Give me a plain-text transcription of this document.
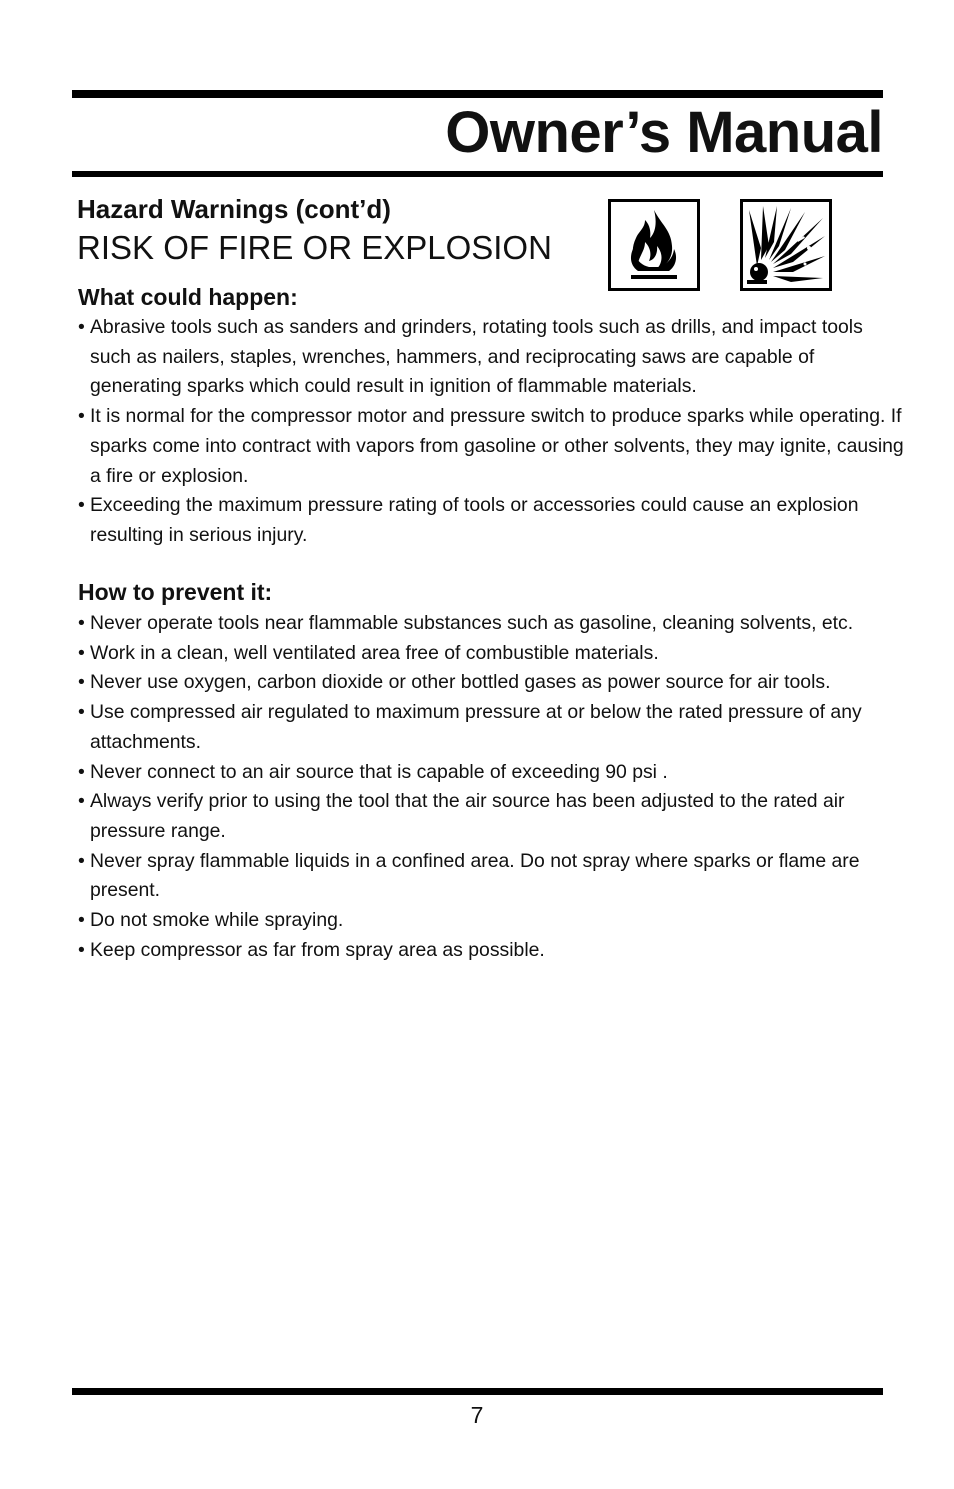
Owner’s Manual
Hazard Warnings (cont’d)
RISK OF FIRE OR EXPLOSION
What could happen:
• Abrasive tools such as sanders and grinders, rotating tools such as drills, and impact tools such as nailers, staples, wrenches, hammers, and reciprocating saws are capable of generating sparks which could result in ignition of flammable materials.
• It is normal for the compressor motor and pressure switch to produce sparks while operating. If sparks come into contract with vapors from gasoline or other solvents, they may ignite, causing a fire or explosion.
• Exceeding the maximum pressure rating of tools or accessories could cause an explosion resulting in serious injury.
How to prevent it:
• Never operate tools near flammable substances such as gasoline, cleaning solvents, etc.
• Work in a clean, well ventilated area free of combustible materials.
• Never use oxygen, carbon dioxide or other bottled gases as power source for air tools.
• Use compressed air regulated to maximum pressure at or below the rated pressure of any attachments.
• Never connect to an air source that is capable of exceeding 90 psi .
• Always verify prior to using the tool that the air source has been adjusted to the rated air pressure range.
• Never spray flammable liquids in a confined area. Do not spray where sparks or flame are present.
• Do not smoke while spraying.
• Keep compressor as far from spray area as possible.
7
